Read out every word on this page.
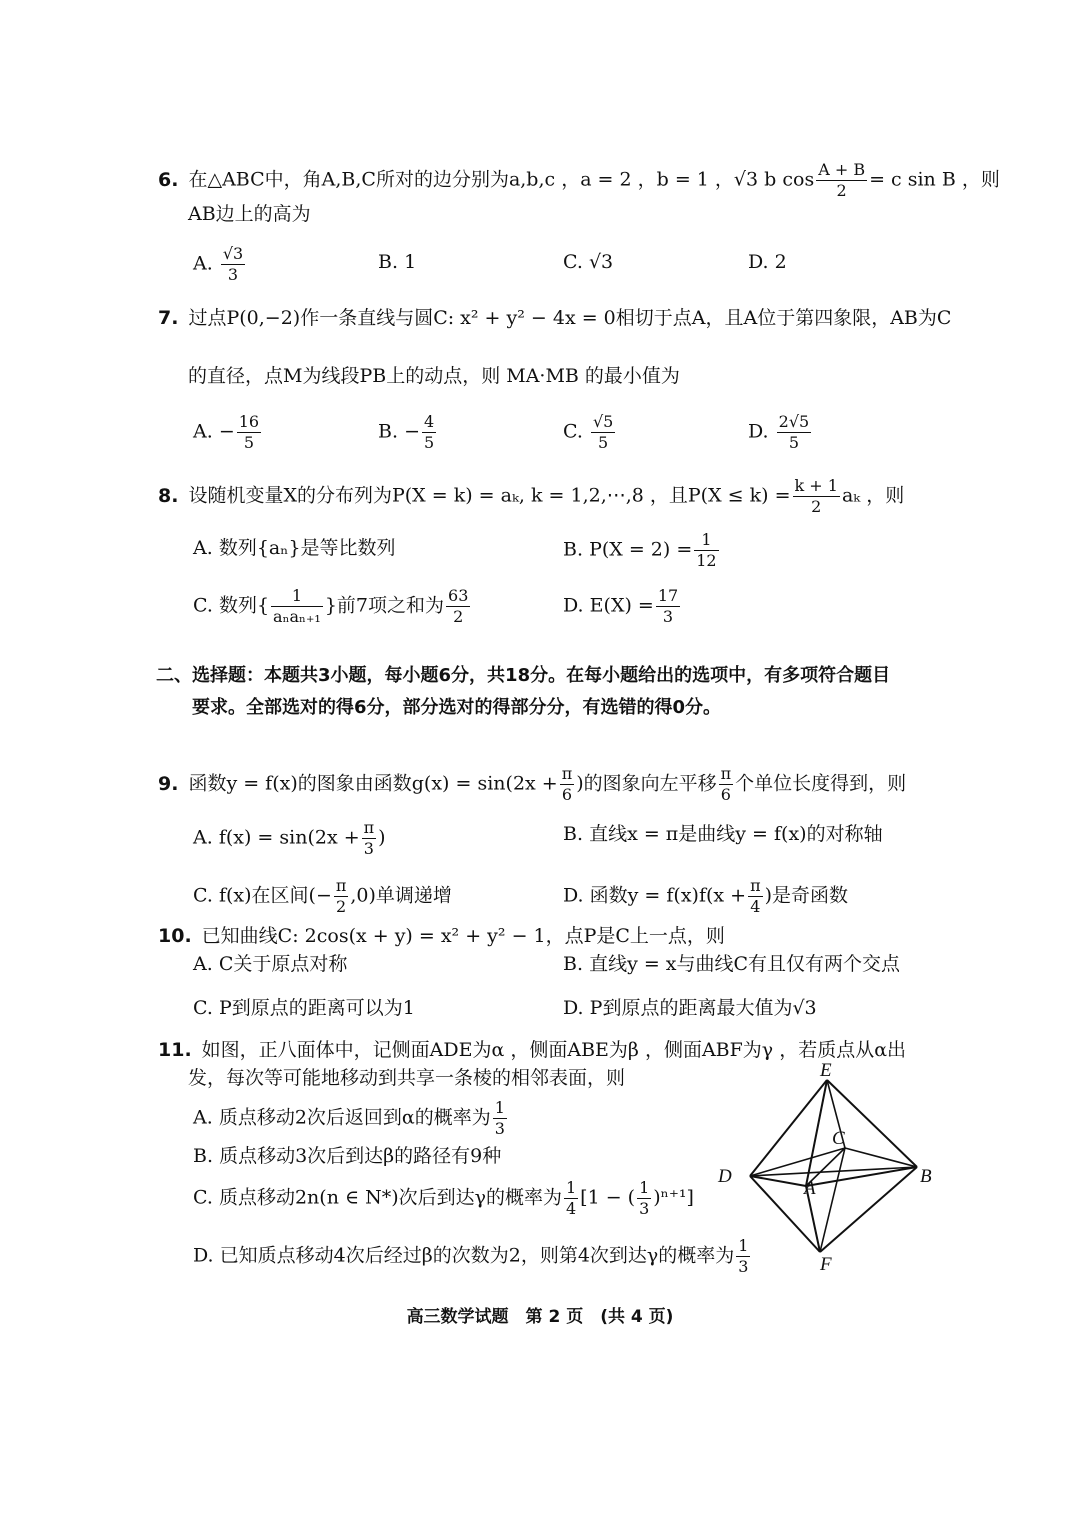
6. 在△ABC中，角A,B,C所对的边分别为a,b,c ，a = 2 ，b = 1 ，√3 b $\cos \frac{A + B}{2} = c$ sin B ，则
AB边上的高为
A. $\frac{√3}{3}$	B. 1	C. √3	D. 2
7. 过点P(0,−2)作一条直线与圆C: x² + y² − 4x = 0相切于点A，且A位于第四象限，AB为C
的直径，点M为线段PB上的动点，则 MA·MB 的最小值为
A. − $\frac{16}{5}$	B. − $\frac{4}{5}$	C. $\frac{√5}{5}$	D. $\frac{2√5}{5}$
8. 设随机变量X的分布列为P(X = k) = aₖ, k = 1,2,⋯,8 ，且$P(X \le k) = \frac{k + 1}{2}$ aₖ ，则
A. 数列{aₙ}是等比数列	B. $P(X = 2) = \frac{1}{12}$
C. 数列{ $\frac{1}{\text{aₙaₙ₊₁}}$ }前7项之和为 $\frac{63}{2}$	D. $E(X) = \frac{17}{3}$
二、选择题：本题共3小题，每小题6分，共18分。在每小题给出的选项中，有多项符合题目
要求。全部选对的得6分，部分选对的得部分分，有选错的得0分。
9. 函数y = f(x)的图象由函数$g(x) = \sin(2x + \frac{\pi}{6}$ )的图象向左平移 $\frac{\pi}{6}$ 个单位长度得到，则
A. $f(x) = \sin(2x + \frac{\pi}{3}$ )	B. 直线x = π是曲线y = f(x)的对称轴
C. f(x)在区间(− $\frac{\pi}{2} ,0$)单调递增	D. 函数$y = f(x)f(x + \frac{\pi}{4}$ )是奇函数
10. 已知曲线C: 2cos(x + y) = x² + y² − 1，点P是C上一点，则
A. C关于原点对称	B. 直线y = x与曲线C有且仅有两个交点
C. P到原点的距离可以为1	D. P到原点的距离最大值为√3
11. 如图，正八面体中，记侧面ADE为α ，侧面ABE为β ，侧面ABF为γ ，若质点从α出
发，每次等可能地移动到共享一条棱的相邻表面，则
A. 质点移动2次后返回到α的概率为 $\frac{1}{3}$
B. 质点移动3次后到达β的路径有9种
C. 质点移动2n(n ∈ N*)次后到达γ的概率为 $\frac{1}{4} [1$ − ( $\frac{1}{3} )^{n+1}$]
D. 已知质点移动4次后经过β的次数为2，则第4次到达γ的概率为 $\frac{1}{3}$
E
C
D
A
B
F
高三数学试题　第 2 页　(共 4 页)
